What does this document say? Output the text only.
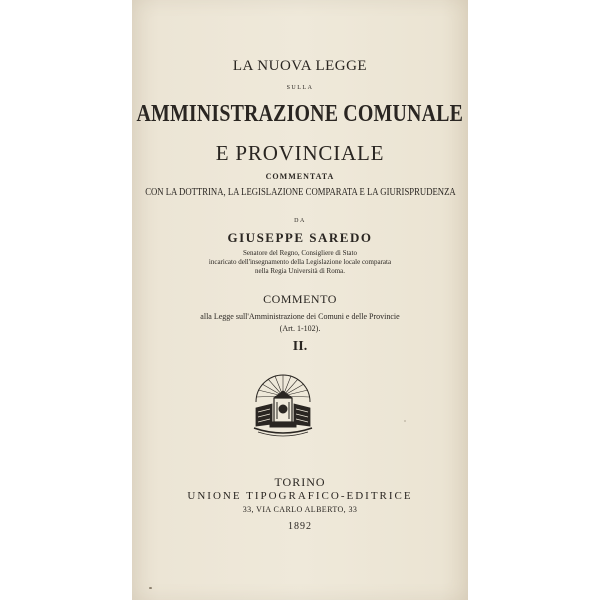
LA NUOVA LEGGE
SULLA
AMMINISTRAZIONE COMUNALE
E PROVINCIALE
COMMENTATA
CON LA DOTTRINA, LA LEGISLAZIONE COMPARATA E LA GIURISPRUDENZA
DA
GIUSEPPE SAREDO
Senatore del Regno, Consigliere di Stato
incaricato dell'insegnamento della Legislazione locale comparata
nella Regia Università di Roma.
COMMENTO
alla Legge sull'Amministrazione dei Comuni e delle Provincie
(Art. 1-102).
II.
TORINO
UNIONE TIPOGRAFICO-EDITRICE
33, VIA CARLO ALBERTO, 33
1892
